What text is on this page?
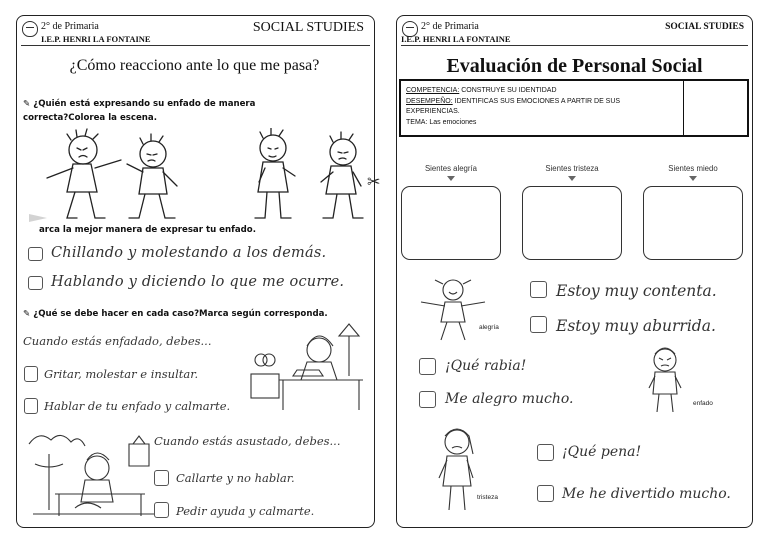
2° de Primaria
I.E.P. HENRI LA FONTAINE
SOCIAL STUDIES
¿Cómo reacciono ante lo que me pasa?
✎ ¿Quién está expresando su enfado de manera
correcta?Colorea la escena.
arca la mejor manera de expresar tu enfado.
Chillando y molestando a los demás.
Hablando y diciendo lo que me ocurre.
✎ ¿Qué se debe hacer en cada caso?Marca según corresponda.
Cuando estás enfadado, debes...
Gritar, molestar e insultar.
Hablar de tu enfado y calmarte.
Cuando estás asustado, debes...
Callarte y no hablar.
Pedir ayuda y calmarte.
✂
2° de Primaria
I.E.P. HENRI LA FONTAINE
SOCIAL STUDIES
Evaluación de Personal Social
COMPETENCIA: CONSTRUYE SU IDENTIDAD
DESEMPEÑO: IDENTIFICAS SUS EMOCIONES A PARTIR DE SUS
EXPERIENCIAS.
TEMA: Las emociones
Sientes alegría	Sientes tristeza	Sientes miedo
alegría
Estoy muy contenta.
Estoy muy aburrida.
¡Qué rabia!
Me alegro mucho.	enfado
tristeza
¡Qué pena!
Me he divertido mucho.
